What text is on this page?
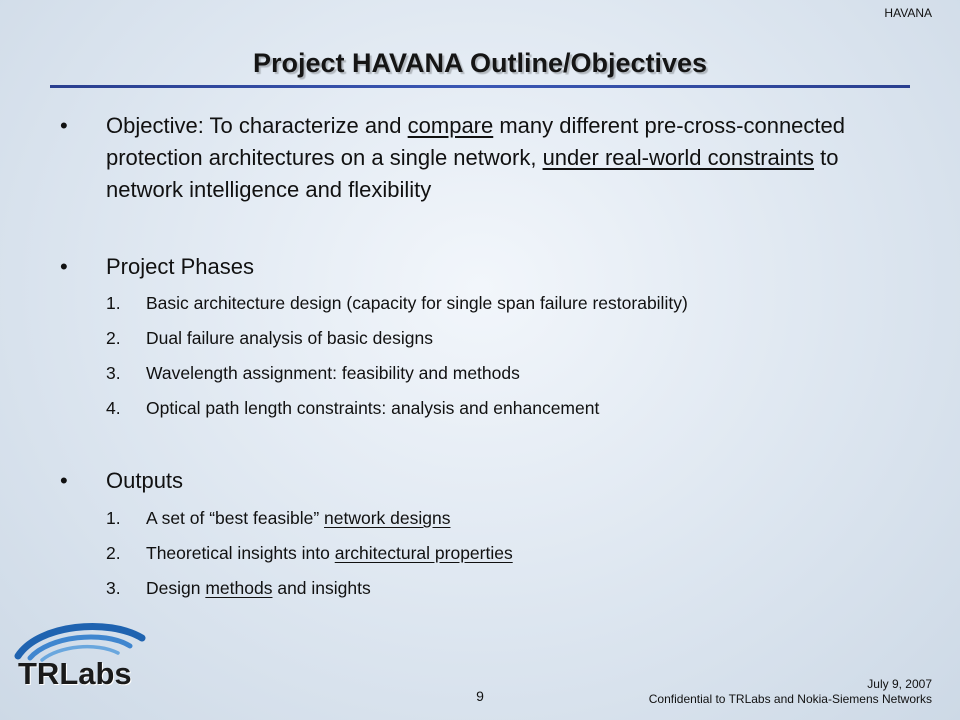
HAVANA
Project HAVANA Outline/Objectives
• Objective: To characterize and compare many different pre-cross-connected protection architectures on a single network, under real-world constraints to network intelligence and flexibility
• Project Phases
1. Basic architecture design (capacity for single span failure restorability)
2. Dual failure analysis of basic designs
3. Wavelength assignment: feasibility and methods
4. Optical path length constraints: analysis and enhancement
• Outputs
1. A set of “best feasible” network designs
2. Theoretical insights into architectural properties
3. Design methods and insights
TRLabs
9
July 9, 2007
Confidential to TRLabs and Nokia-Siemens Networks
